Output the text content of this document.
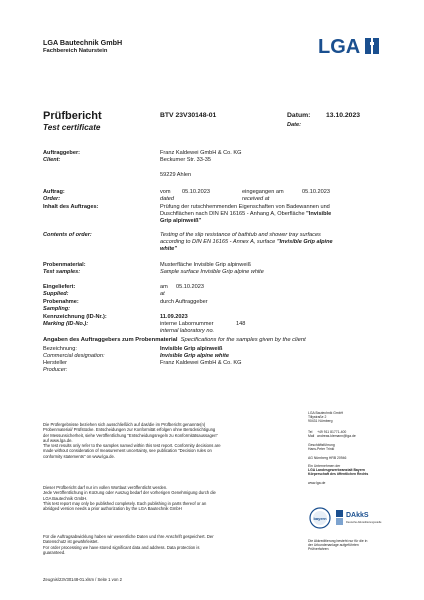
LGA Bautechnik GmbH
Fachbereich Naturstein	LGA
Prüfbericht
Test certificate
BTV 23V30148-01	Datum: 13.10.2023
Date:
Auftraggeber:
Client:
Franz Kaldewei GmbH & Co. KG
Beckumer Str. 33-35
59229 Ahlen
Auftrag:
Order:
vom 05.10.2023	eingegangen am	05.10.2023
dated	received at
Inhalt des Auftrages:	Prüfung der rutschhemmenden Eigenschaften von Badewannen und
Duschflächen nach DIN EN 16165 - Anhang A, Oberfläche "Invisible
Grip alpinweiß"
Contents of order:	Testing of the slip resistance of bathtub and shower tray surfaces
according to DIN EN 16165 - Annex A, surface "Invisible Grip alpine
white"
Probenmaterial:
Test samples:
Musterfläche Invisible Grip alpinweiß
Sample surface Invisible Grip alpine white
Eingeliefert:
Supplied:
am 05.10.2023
at
Probenahme:
Sampling:
durch Auftraggeber
Kennzeichnung (ID-Nr.):
Marking (ID-No.):
11.09.2023
interne Labornummer	148
internal laboratory no.
Angaben des Auftraggebers zum Probenmaterial Specifications for the samples given by the client
Bezeichnung:	Invisible Grip alpinweiß
Commercial designation:	Invisible Grip alpine white
Hersteller	Franz Kaldewei GmbH & Co. KG
Producer:
Die Prüfergebnisse beziehen sich ausschließlich auf das/die im Prüfbericht genannte(n)
Probenmaterial/ Prüfstücke. Entscheidungen zur Konformität erfolgen ohne Berücksichtigung
der Messunsicherheit, siehe Veröffentlichung "Entscheidungsregeln zu Konformitätsaussagen"
auf www.lga.de.
The test results only refer to the samples named within this test report. Conformity decisions are
made without consideration of measurement uncertainty, see publication "Decision rules on
conformity statements" on www.lga.de.
Dieser Prüfbericht darf nur im vollen Wortlaut veröffentlicht werden.
Jede Veröffentlichung in Kürzung oder Auszug bedarf der vorherigen Genehmigung durch die
LGA Bautechnik GmbH.
This test report may only be published completely. Each publishing in parts thereof or an
abridged version needs a prior authorization by the LGA Bautechnik GmbH
Für die Auftragsabwicklung haben wir wesentliche Daten und Ihre Anschrift gespeichert. Der
Datenschutz ist gewährleistet.
For order processing we have stored significant data and address. Data protection is
guaranteed.
LGA Bautechnik GmbH
Tillystraße 2
90431 Nürnberg
Tel +49 911 81771-400
Mail andreas.klemann@lga.de
Geschäftsführung
Hans-Peter Trinkl
AG Nürnberg HRB 20946
Ein Unternehmen der
LGA Landesgewerbeanstalt Bayern
Körperschaft des öffentlichen Rechts
www.lga.de
bayern	DAkkS
Deutsche Akkreditierungsstelle
Die Akkreditierung besteht nur für die in
der Urkundenanlage aufgeführten
Prüfverfahren
Zeugnis\23V30148-01.xlsm / Seite 1 von 2
